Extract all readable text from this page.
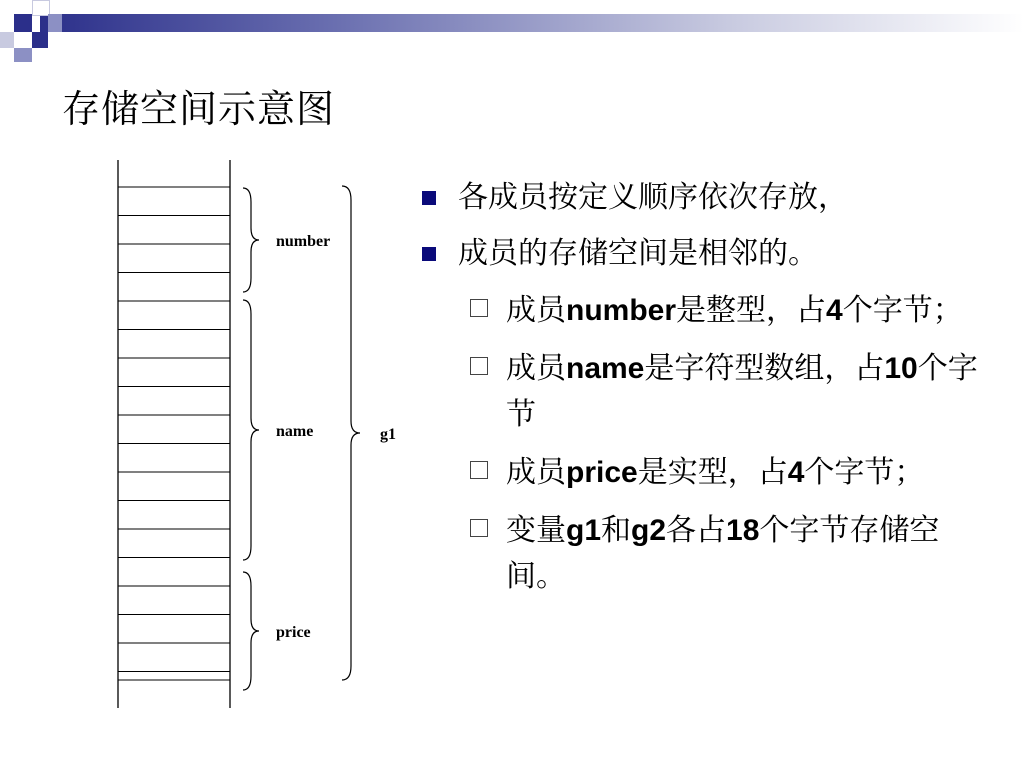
存储空间示意图
number
name
price
g1
各成员按定义顺序依次存放，
成员的存储空间是相邻的。
成员number是整型，占4个字节；
成员name是字符型数组，占10个字节
成员price是实型，占4个字节；
变量g1和g2各占18个字节存储空间。
